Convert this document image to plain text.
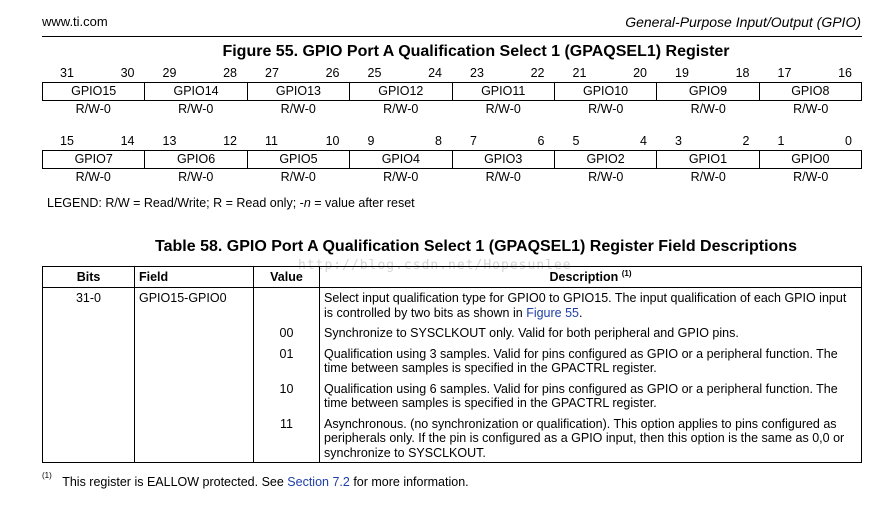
www.ti.com	General-Purpose Input/Output (GPIO)
Figure 55. GPIO Port A Qualification Select 1 (GPAQSEL1) Register
31	30 29	28 27	26 25	24 23	22 21	20 19	18 17	16
GPIO15	GPIO14	GPIO13	GPIO12	GPIO11	GPIO10	GPIO9	GPIO8
R/W-0	R/W-0	R/W-0	R/W-0	R/W-0	R/W-0	R/W-0	R/W-0
15	14 13	12 11	10 9	8 7	6 5	4 3	2 1	0
GPIO7	GPIO6	GPIO5	GPIO4	GPIO3	GPIO2	GPIO1	GPIO0
R/W-0	R/W-0	R/W-0	R/W-0	R/W-0	R/W-0	R/W-0	R/W-0
LEGEND: R/W = Read/Write; R = Read only; -n = value after reset
Table 58. GPIO Port A Qualification Select 1 (GPAQSEL1) Register Field Descriptions
http://blog.csdn.net/Hopesunlee
Bits	Field	Value	Description $^{(1)}$
31-0	GPIO15-GPIO0		Select input qualification type for GPIO0 to GPIO15. The input qualification of each GPIO input is controlled by two bits as shown in Figure 55.

		00	Synchronize to SYSCLKOUT only. Valid for both peripheral and GPIO pins.

		01	Qualification using 3 samples. Valid for pins configured as GPIO or a peripheral function. The time between samples is specified in the GPACTRL register.

		10	Qualification using 6 samples. Valid for pins configured as GPIO or a peripheral function. The time between samples is specified in the GPACTRL register.

		11	Asynchronous. (no synchronization or qualification). This option applies to pins configured as peripherals only. If the pin is configured as a GPIO input, then this option is the same as 0,0 or synchronize to SYSCLKOUT.
$^{(1)}$ This register is EALLOW protected. See Section 7.2 for more information.
